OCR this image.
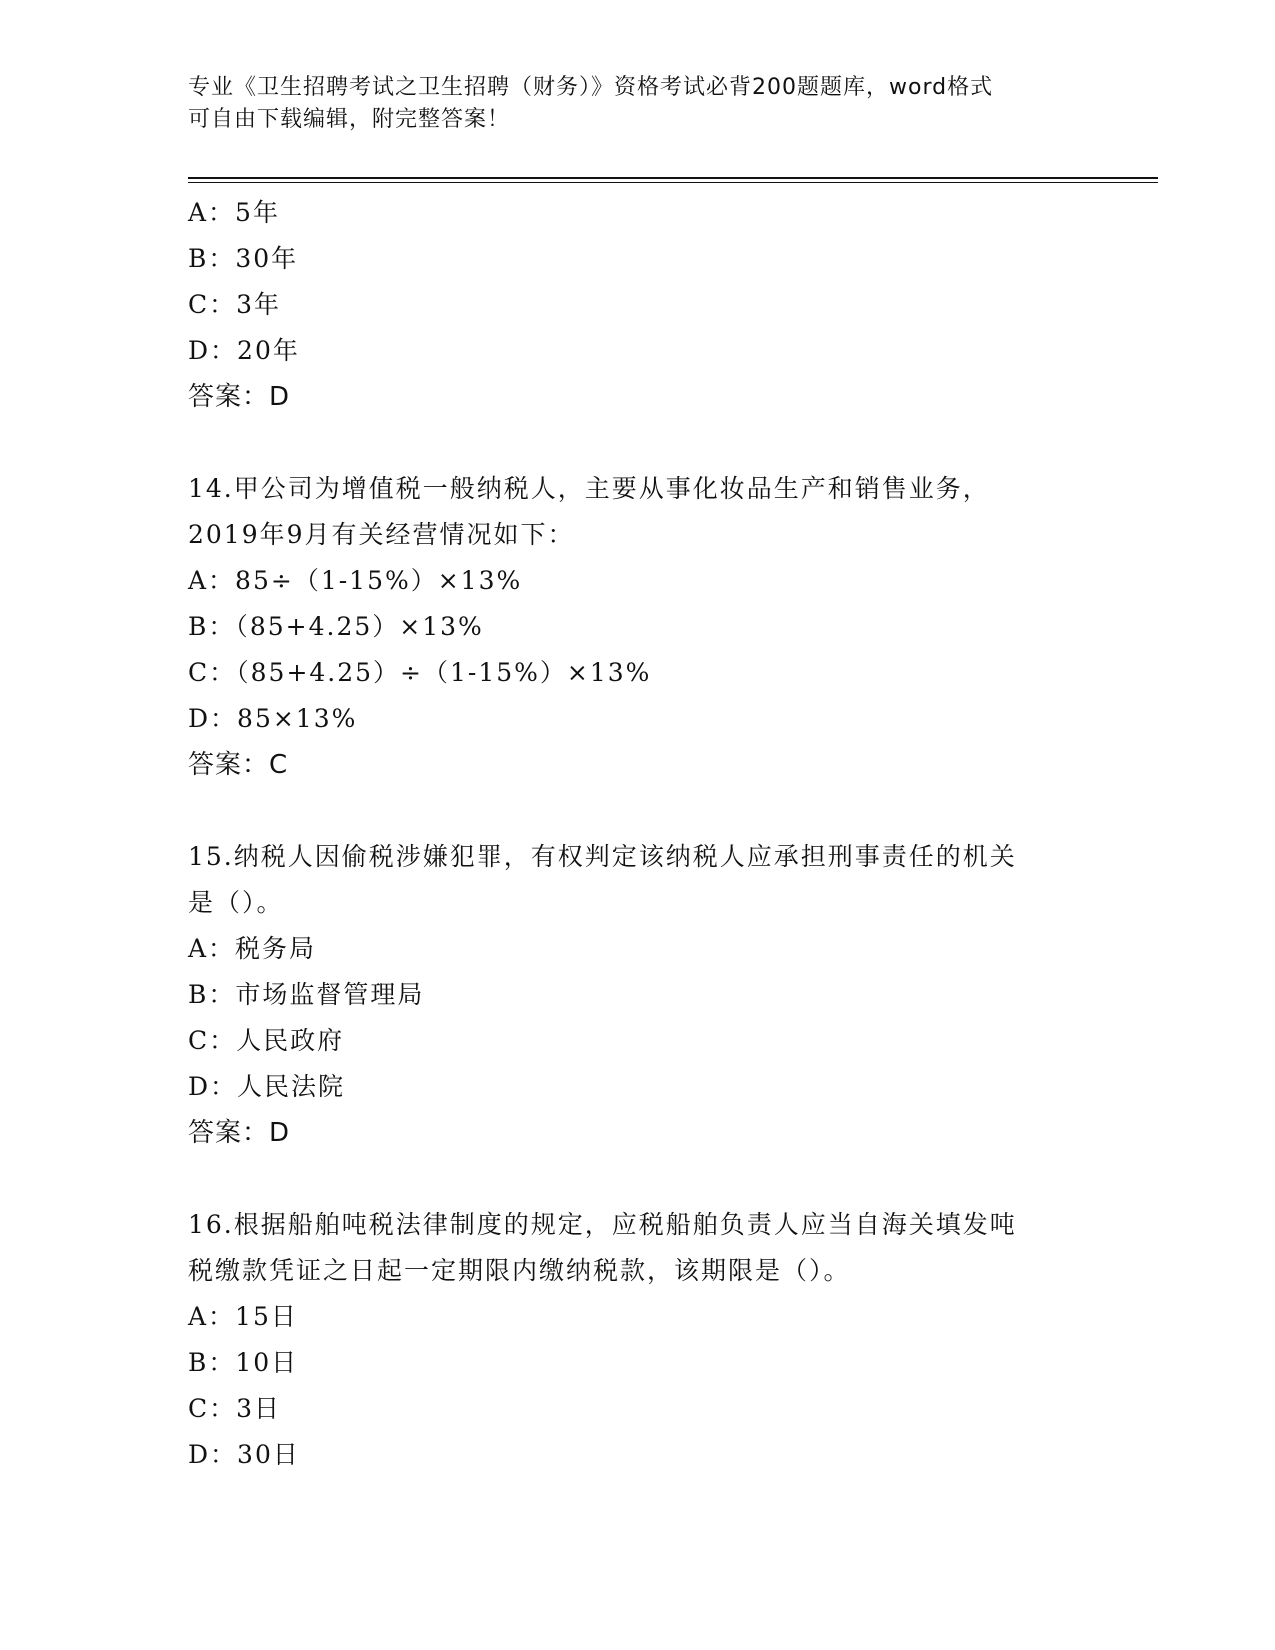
专业《卫生招聘考试之卫生招聘（财务）》资格考试必背200题题库，word格式

可自由下载编辑，附完整答案！

A：5年
B：30年
C：3年
D：20年
答案：D
14.甲公司为增值税一般纳税人，主要从事化妆品生产和销售业务，
2019年9月有关经营情况如下：
A：85÷（1-15%）×13%
B：（85+4.25）×13%
C：（85+4.25）÷（1-15%）×13%
D：85×13%
答案：C
15.纳税人因偷税涉嫌犯罪，有权判定该纳税人应承担刑事责任的机关
是（）。
A：税务局
B：市场监督管理局
C：人民政府
D：人民法院
答案：D
16.根据船舶吨税法律制度的规定，应税船舶负责人应当自海关填发吨
税缴款凭证之日起一定期限内缴纳税款，该期限是（）。
A：15日
B：10日
C：3日
D：30日
